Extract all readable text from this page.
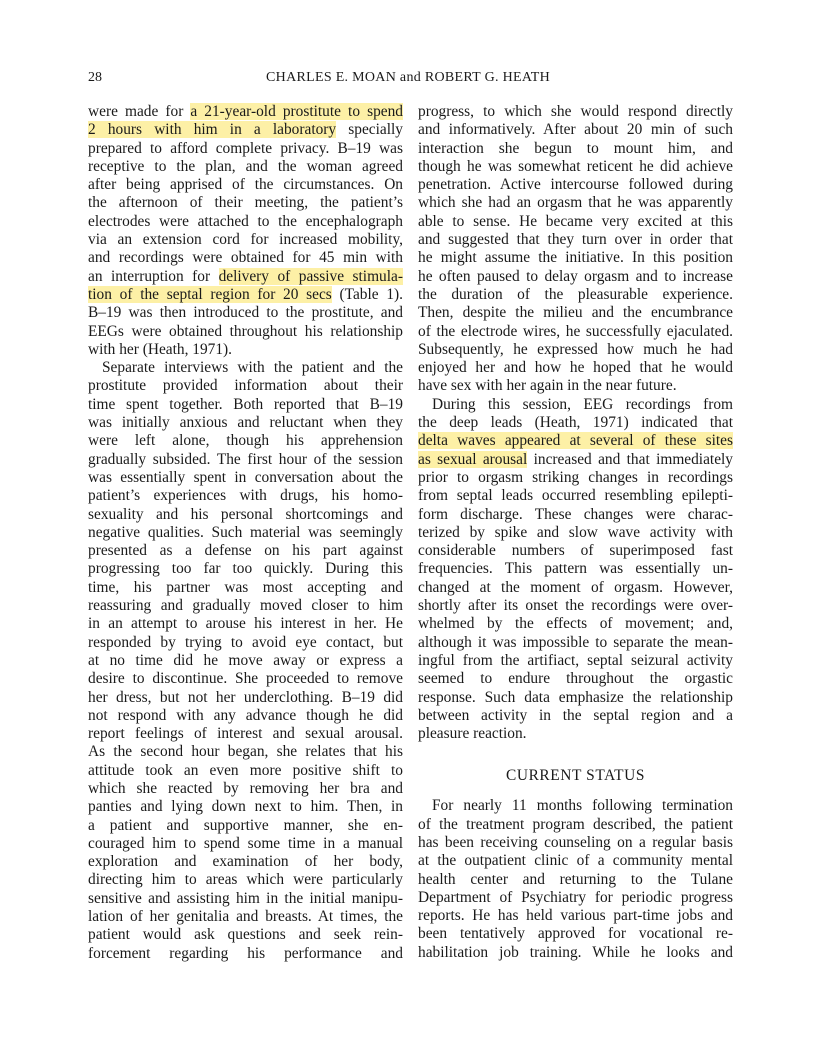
28	CHARLES E. MOAN and ROBERT G. HEATH
were made for a 21-year-old prostitute to spend
2 hours with him in a laboratory specially
prepared to afford complete privacy. B–19 was
receptive to the plan, and the woman agreed
after being apprised of the circumstances. On
the afternoon of their meeting, the patient’s
electrodes were attached to the encephalograph
via an extension cord for increased mobility,
and recordings were obtained for 45 min with
an interruption for delivery of passive stimula-
tion of the septal region for 20 secs (Table 1).
B–19 was then introduced to the prostitute, and
EEGs were obtained throughout his relationship
with her (Heath, 1971).
Separate interviews with the patient and the
prostitute provided information about their
time spent together. Both reported that B–19
was initially anxious and reluctant when they
were left alone, though his apprehension
gradually subsided. The first hour of the session
was essentially spent in conversation about the
patient’s experiences with drugs, his homo-
sexuality and his personal shortcomings and
negative qualities. Such material was seemingly
presented as a defense on his part against
progressing too far too quickly. During this
time, his partner was most accepting and
reassuring and gradually moved closer to him
in an attempt to arouse his interest in her. He
responded by trying to avoid eye contact, but
at no time did he move away or express a
desire to discontinue. She proceeded to remove
her dress, but not her underclothing. B–19 did
not respond with any advance though he did
report feelings of interest and sexual arousal.
As the second hour began, she relates that his
attitude took an even more positive shift to
which she reacted by removing her bra and
panties and lying down next to him. Then, in
a patient and supportive manner, she en-
couraged him to spend some time in a manual
exploration and examination of her body,
directing him to areas which were particularly
sensitive and assisting him in the initial manipu-
lation of her genitalia and breasts. At times, the
patient would ask questions and seek rein-
forcement regarding his performance and
progress, to which she would respond directly
and informatively. After about 20 min of such
interaction she begun to mount him, and
though he was somewhat reticent he did achieve
penetration. Active intercourse followed during
which she had an orgasm that he was apparently
able to sense. He became very excited at this
and suggested that they turn over in order that
he might assume the initiative. In this position
he often paused to delay orgasm and to increase
the duration of the pleasurable experience.
Then, despite the milieu and the encumbrance
of the electrode wires, he successfully ejaculated.
Subsequently, he expressed how much he had
enjoyed her and how he hoped that he would
have sex with her again in the near future.
During this session, EEG recordings from
the deep leads (Heath, 1971) indicated that
delta waves appeared at several of these sites
as sexual arousal increased and that immediately
prior to orgasm striking changes in recordings
from septal leads occurred resembling epilepti-
form discharge. These changes were charac-
terized by spike and slow wave activity with
considerable numbers of superimposed fast
frequencies. This pattern was essentially un-
changed at the moment of orgasm. However,
shortly after its onset the recordings were over-
whelmed by the effects of movement; and,
although it was impossible to separate the mean-
ingful from the artifiact, septal seizural activity
seemed to endure throughout the orgastic
response. Such data emphasize the relationship
between activity in the septal region and a
pleasure reaction.
CURRENT STATUS
For nearly 11 months following termination
of the treatment program described, the patient
has been receiving counseling on a regular basis
at the outpatient clinic of a community mental
health center and returning to the Tulane
Department of Psychiatry for periodic progress
reports. He has held various part-time jobs and
been tentatively approved for vocational re-
habilitation job training. While he looks and
